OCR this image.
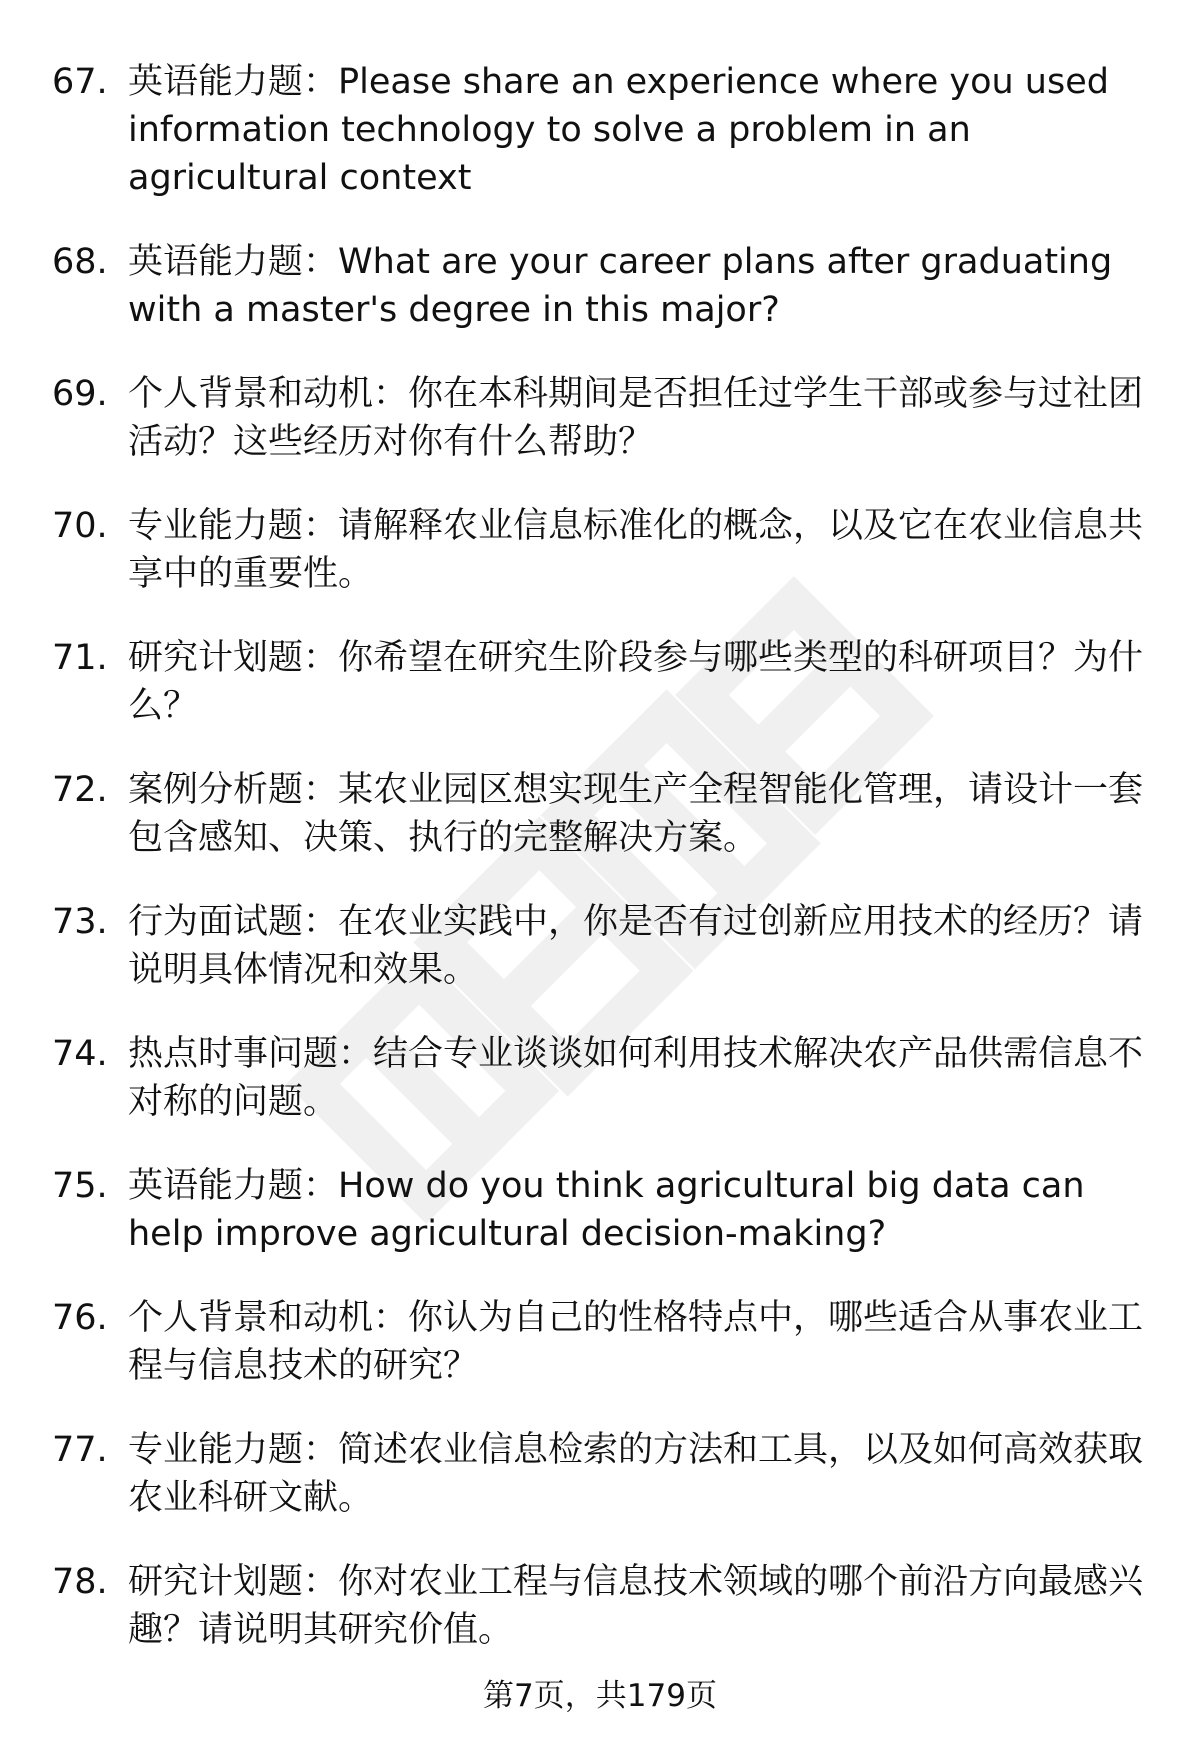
67. 英语能力题：Please share an experience where you used information technology to solve a problem in an agricultural context
68. 英语能力题：What are your career plans after graduating with a master's degree in this major?
69. 个人背景和动机：你在本科期间是否担任过学生干部或参与过社团活动？这些经历对你有什么帮助？
70. 专业能力题：请解释农业信息标准化的概念，以及它在农业信息共享中的重要性。
71. 研究计划题：你希望在研究生阶段参与哪些类型的科研项目？为什么？
72. 案例分析题：某农业园区想实现生产全程智能化管理，请设计一套包含感知、决策、执行的完整解决方案。
73. 行为面试题：在农业实践中，你是否有过创新应用技术的经历？请说明具体情况和效果。
74. 热点时事问题：结合专业谈谈如何利用技术解决农产品供需信息不对称的问题。
75. 英语能力题：How do you think agricultural big data can help improve agricultural decision-making?
76. 个人背景和动机：你认为自己的性格特点中，哪些适合从事农业工程与信息技术的研究？
77. 专业能力题：简述农业信息检索的方法和工具，以及如何高效获取农业科研文献。
78. 研究计划题：你对农业工程与信息技术领域的哪个前沿方向最感兴趣？请说明其研究价值。
第7页，共179页
